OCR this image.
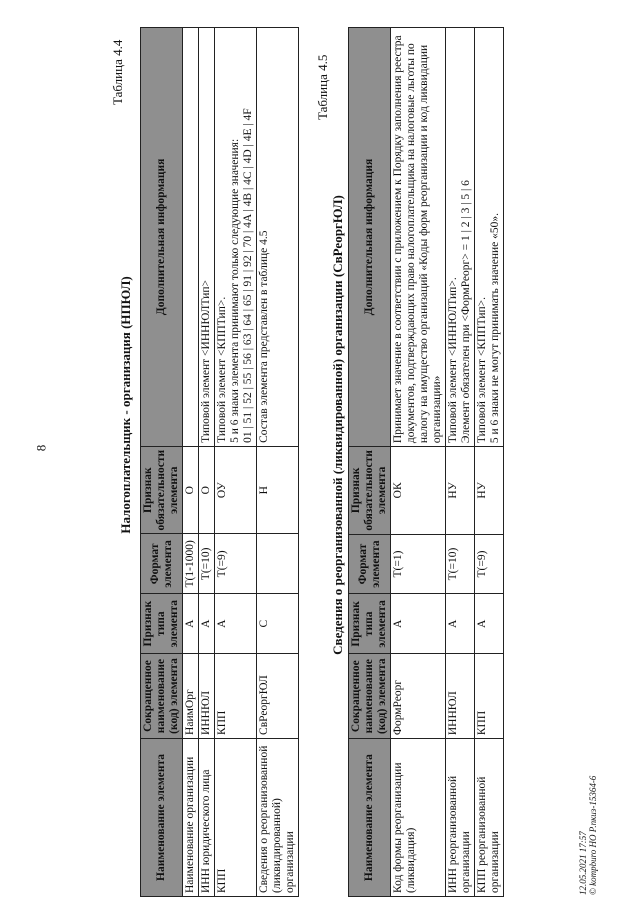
8
Таблица 4.4
Налогоплательщик - организация (НПЮЛ)
Наименование элемента	Сокращенное наименование (код) элемента	Признак типа элемента	Формат элемента	Признак обязательности элемента	Дополнительная информация
Наименование организации	НаимОрг	А	T(1-1000)	О	
ИНН юридического лица	ИННЮЛ	А	T(=10)	О	Типовой элемент <ИННЮЛТип>
КПП	КПП	А	T(=9)	ОУ	Типовой элемент <КППТип>.
5 и 6 знаки элемента принимают только следующие значения:
01 | 51 | 52 | 55 | 56 | 63 | 64 | 65 | 91 | 92 | 70 | 4A | 4B | 4C | 4D | 4E | 4F
Сведения о реорганизованной (ликвидированной) организации	СвРеоргЮЛ	С		Н	Состав элемента представлен в таблице 4.5
Таблица 4.5
Сведения о реорганизованной (ликвидированной) организации (СвРеоргЮЛ)
Наименование элемента	Сокращенное наименование (код) элемента	Признак типа элемента	Формат элемента	Признак обязательности элемента	Дополнительная информация
Код формы реорганизации (ликвидация)	ФормРеорг	А	T(=1)	ОК	Принимает значение в соответствии с приложением к Порядку заполнения реестра документов, подтверждающих право налогоплательщика на налоговые льготы по налогу на имущество организаций «Коды форм реорганизации и код ликвидации организации»
ИНН реорганизованной организации	ИННЮЛ	А	T(=10)	НУ	Типовой элемент <ИННЮЛТип>.
Элемент обязателен при <ФормРеорг> = 1 | 2 | 3 | 5 | 6
КПП реорганизованной организации	КПП	А	T(=9)	НУ	Типовой элемент <КППТип>.
5 и 6 знаки не могут принимать значение «50».
12.05.2021 17:57 © kompburo НО Р.пкиз-15364-6
